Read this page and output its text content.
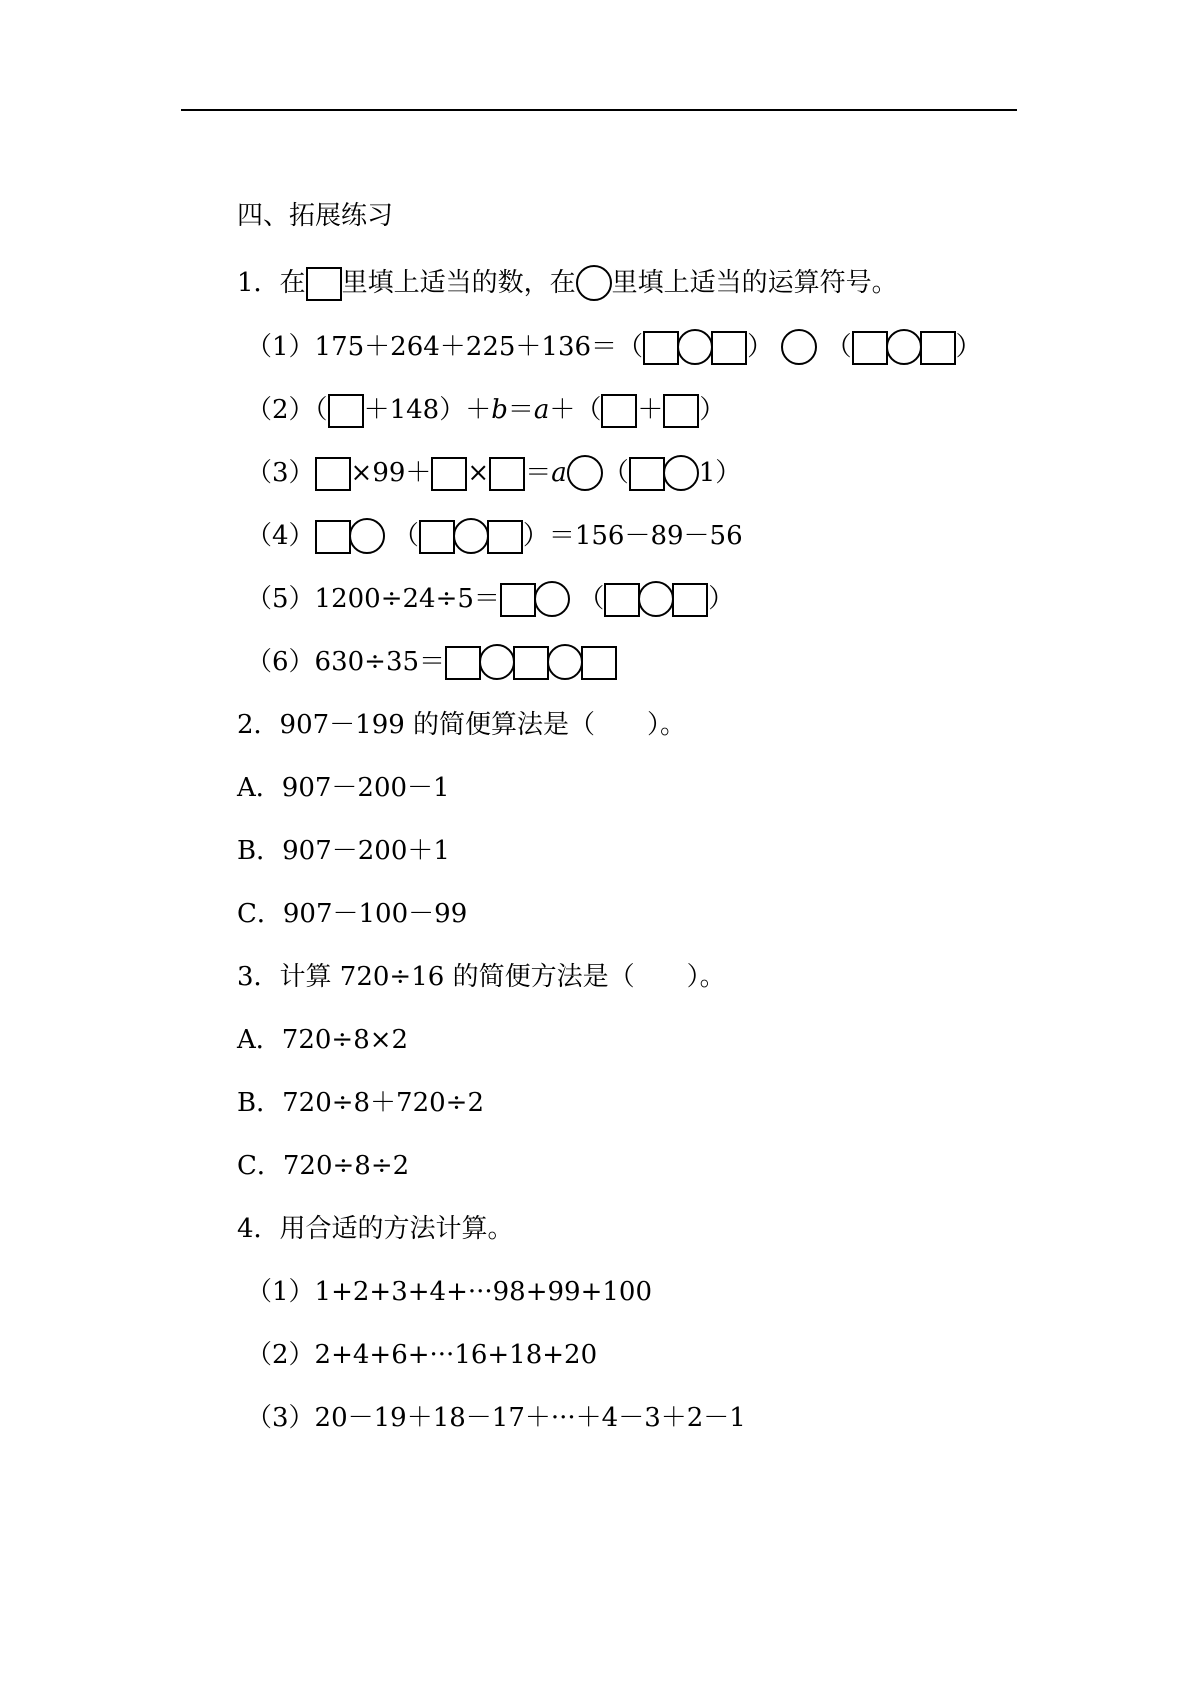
四、拓展练习
1．在 里填上适当的数，在 里填上适当的运算符号。
（1）175＋264＋225＋136＝（	） （	）
（2）（ ＋148）＋b＝a＋（ ＋ ）
（3） ×99＋ × ＝a （	1）
（4）	（	）＝156－89－56
（5）1200÷24÷5＝	（	）
（6）630÷35＝
2．907－199 的简便算法是（　　）。
A．907－200－1
B．907－200＋1
C．907－100－99
3．计算 720÷16 的简便方法是（　　）。
A．720÷8×2
B．720÷8＋720÷2
C．720÷8÷2
4．用合适的方法计算。
（1）1+2+3+4+···98+99+100
（2）2+4+6+···16+18+20
（3）20－19＋18－17＋···＋4－3＋2－1
